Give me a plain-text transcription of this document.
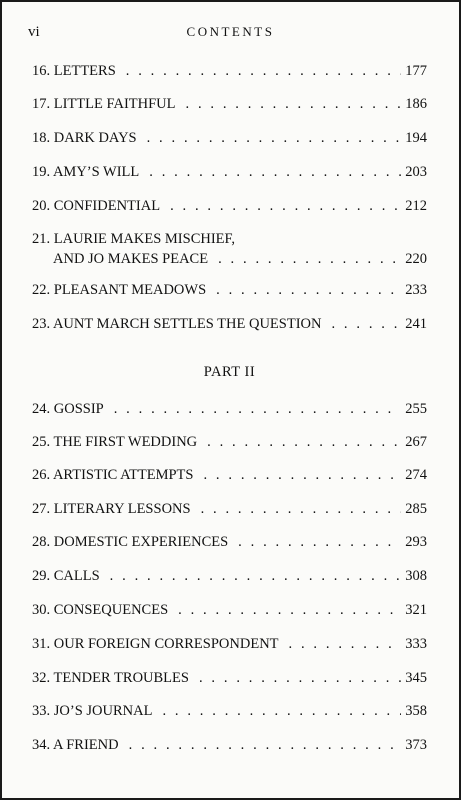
vi	CONTENTS
16. LETTERS . . .	177
17. LITTLE FAITHFUL . . .	186
18. DARK DAYS . . .	194
19. AMY’S WILL . . .	203
20. CONFIDENTIAL . . .	212
21. LAURIE MAKES MISCHIEF,
AND JO MAKES PEACE . . .	220
22. PLEASANT MEADOWS . . .	233
23. AUNT MARCH SETTLES THE QUESTION . . .	241
PART II
24. GOSSIP . . .	255
25. THE FIRST WEDDING . . .	267
26. ARTISTIC ATTEMPTS . . .	274
27. LITERARY LESSONS . . .	285
28. DOMESTIC EXPERIENCES . . .	293
29. CALLS . . .	308
30. CONSEQUENCES . . .	321
31. OUR FOREIGN CORRESPONDENT . . .	333
32. TENDER TROUBLES . . .	345
33. JO’S JOURNAL . . .	358
34. A FRIEND . . .	373
